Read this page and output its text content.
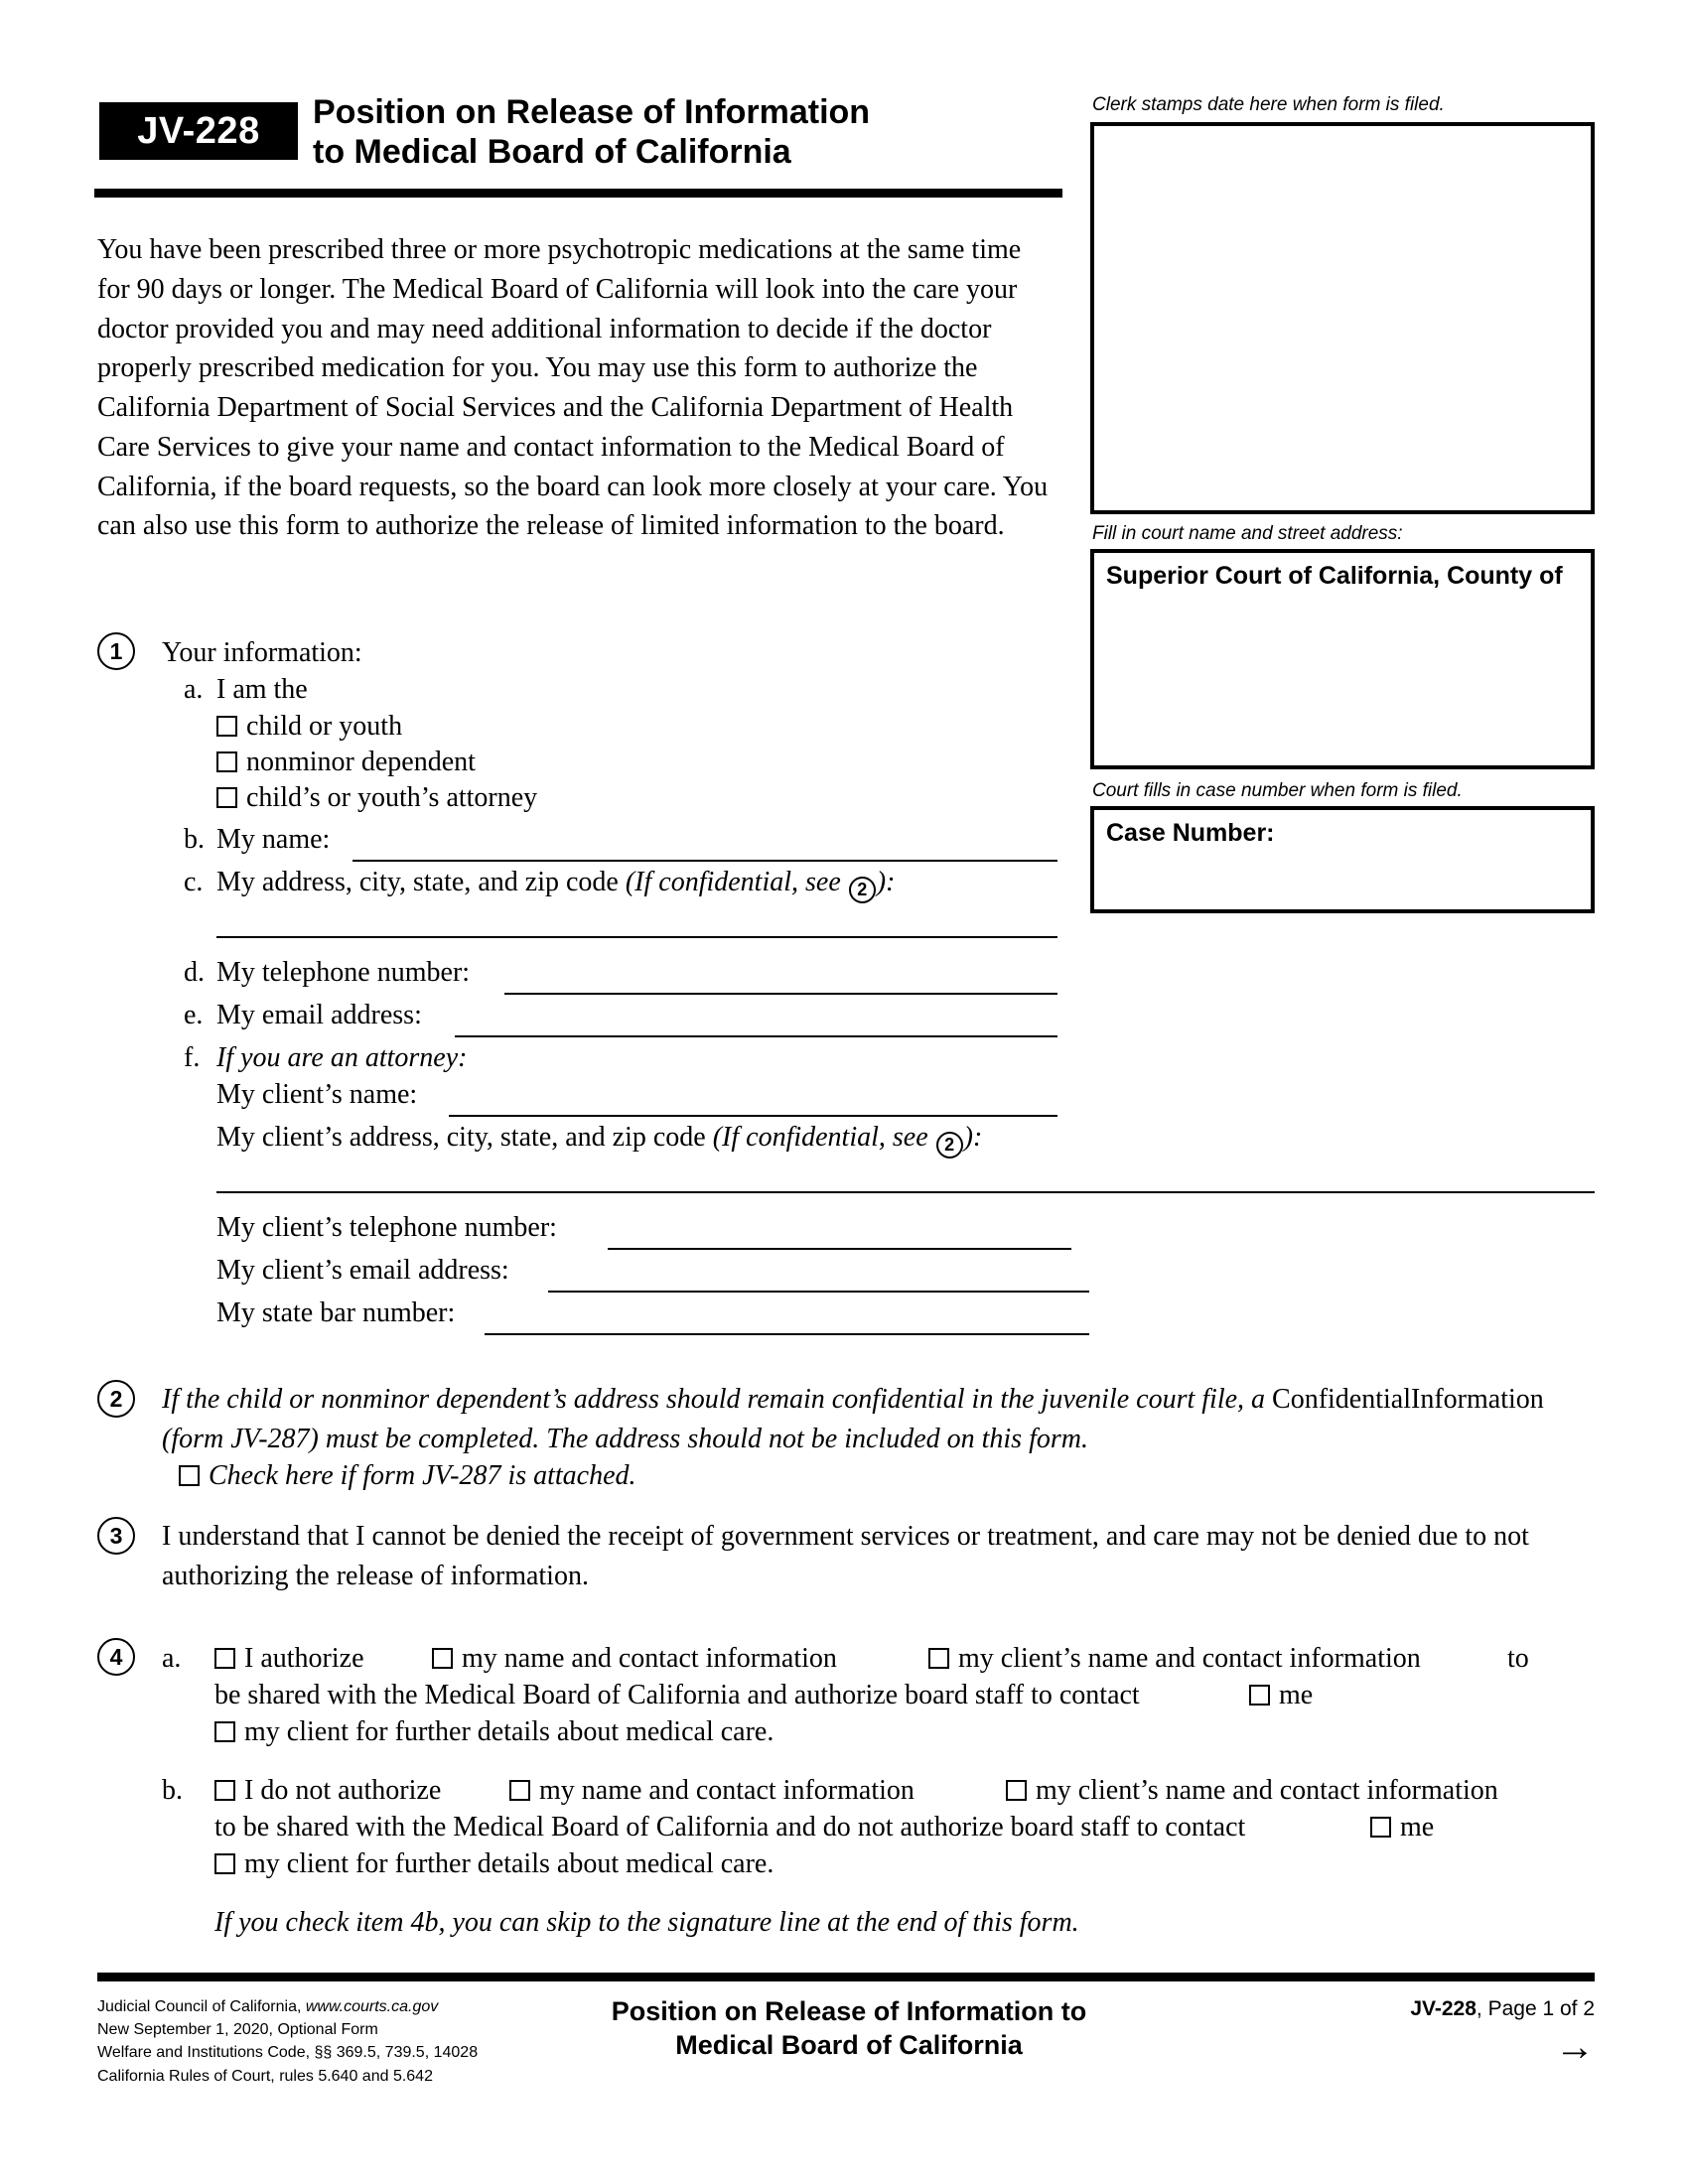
JV-228	Position on Release of Information
to Medical Board of California
Clerk stamps date here when form is filed.
Fill in court name and street address:
Superior Court of California, County of
Court fills in case number when form is filed.
Case Number:
You have been prescribed three or more psychotropic medications at the same time for 90 days or longer. The Medical Board of California will look into the care your doctor provided you and may need additional information to decide if the doctor properly prescribed medication for you. You may use this form to authorize the California Department of Social Services and the California Department of Health Care Services to give your name and contact information to the Medical Board of California, if the board requests, so the board can look more closely at your care. You can also use this form to authorize the release of limited information to the board.
1	Your information:
a. I am the
child or youth
nonminor dependent
child’s or youth’s attorney
b. My name:
c. My address, city, state, and zip code (If confidential, see 2 ):
d. My telephone number:
e. My email address:
f. If you are an attorney:
My client’s name:
My client’s address, city, state, and zip code (If confidential, see 2 ):
My client’s telephone number:
My client’s email address:
My state bar number:
2	If the child or nonminor dependent’s address should remain confidential in the juvenile court file, a ConfidentialInformation (form JV-287) must be completed. The address should not be included on this form.
Check here if form JV-287 is attached.
3	I understand that I cannot be denied the receipt of government services or treatment, and care may not be denied due to not authorizing the release of information.
4	a.	I authorize	my name and contact information	my client’s name and contact information	to
be shared with the Medical Board of California and authorize board staff to contact	me
my client for further details about medical care.
b.	I do not authorize	my name and contact information	my client’s name and contact information
to be shared with the Medical Board of California and do not authorize board staff to contact	me
my client for further details about medical care.
If you check item 4b, you can skip to the signature line at the end of this form.
Judicial Council of California, www.courts.ca.gov
New September 1, 2020, Optional Form
Welfare and Institutions Code, §§ 369.5, 739.5, 14028
California Rules of Court, rules 5.640 and 5.642
Position on Release of Information to
Medical Board of California
JV-228, Page 1 of 2
→
